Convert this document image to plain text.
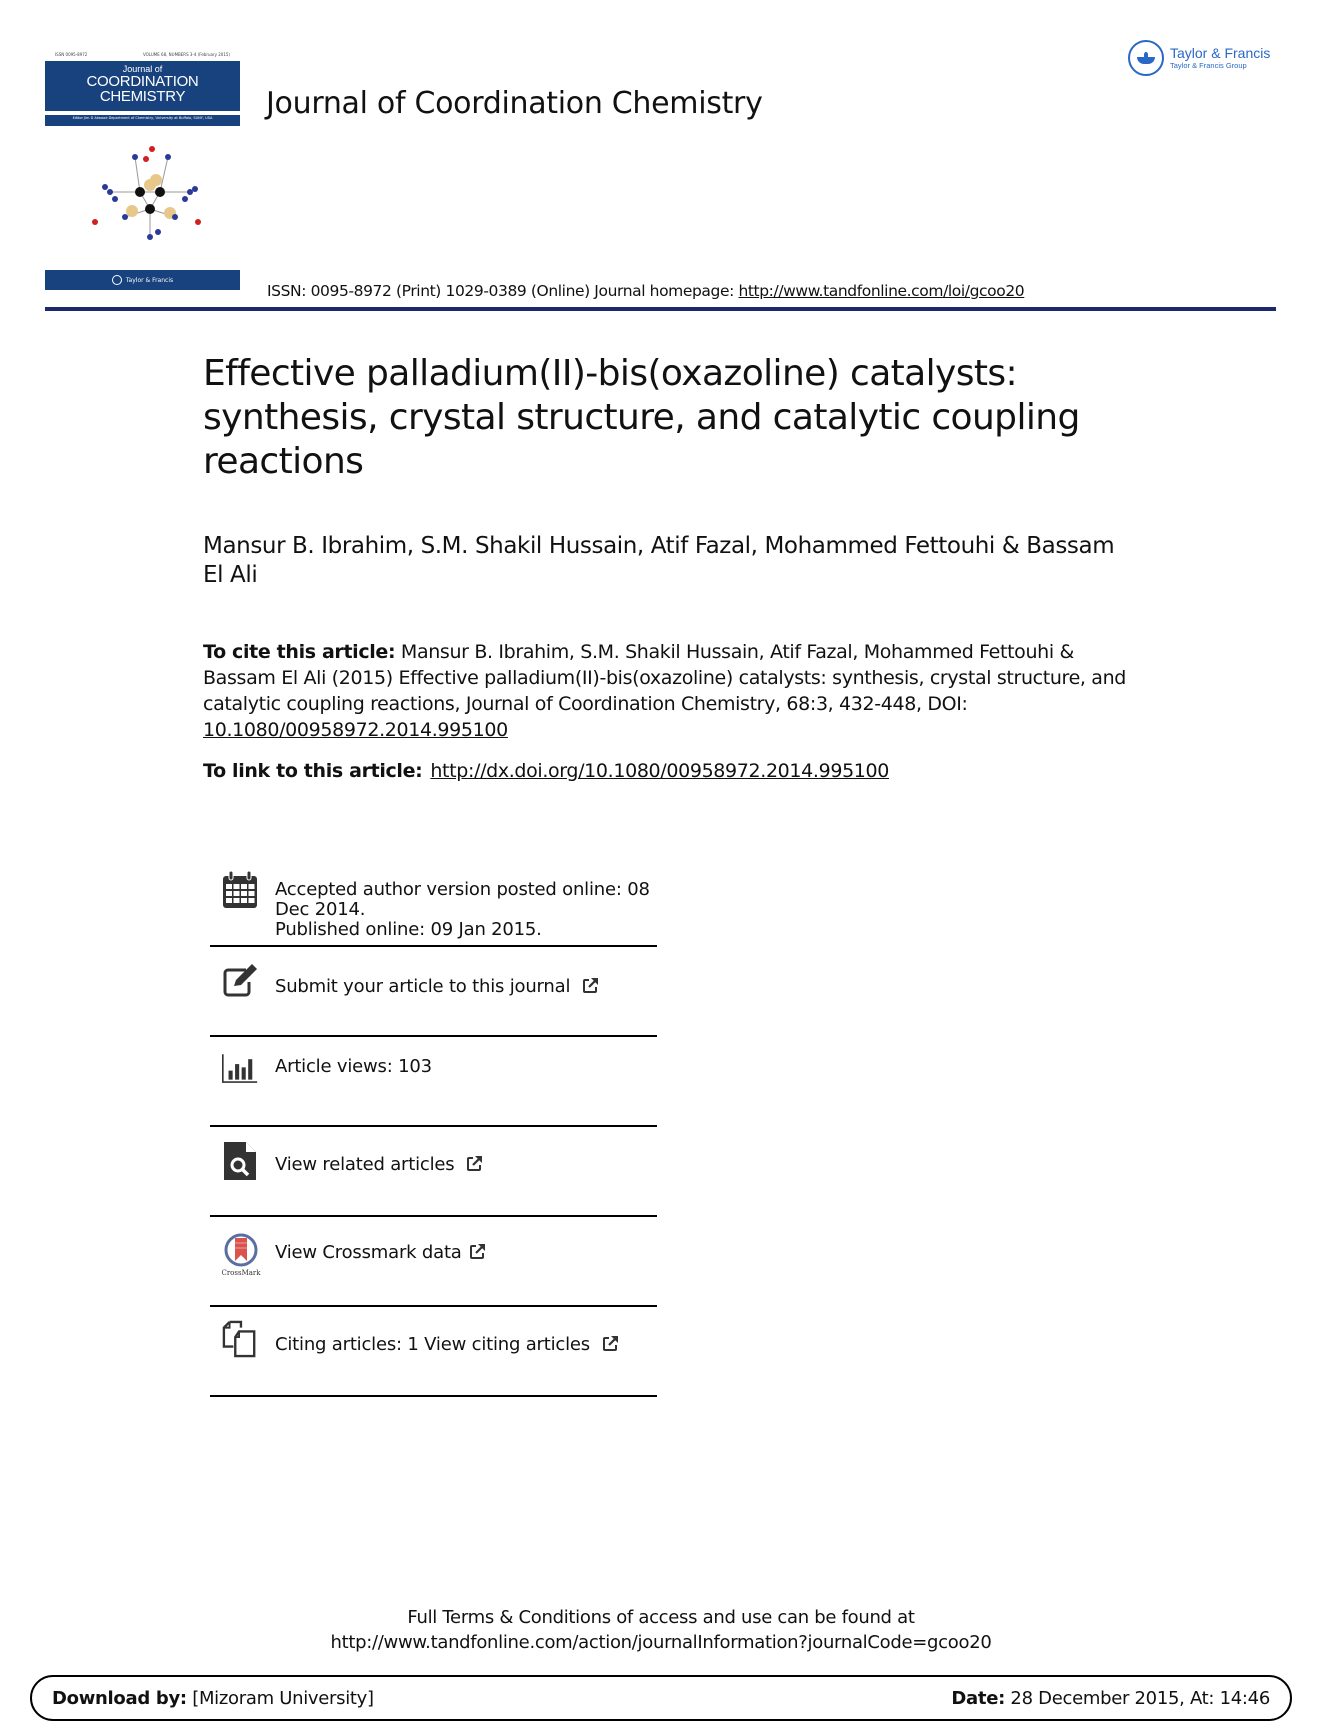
ISSN 0095-8972	VOLUME 68, NUMBERS 3-4 (February 2015)
Journal of
COORDINATION
CHEMISTRY
Editor Jim D Atwood Department of Chemistry, University at Buffalo, SUNY, USA
Taylor & Francis
Journal of Coordination Chemistry
Taylor & Francis
Taylor & Francis Group
ISSN: 0095-8972 (Print) 1029-0389 (Online) Journal homepage: http://www.tandfonline.com/loi/gcoo20
Effective palladium(II)-bis(oxazoline) catalysts: synthesis, crystal structure, and catalytic coupling reactions
Mansur B. Ibrahim, S.M. Shakil Hussain, Atif Fazal, Mohammed Fettouhi & Bassam El Ali
To cite this article: Mansur B. Ibrahim, S.M. Shakil Hussain, Atif Fazal, Mohammed Fettouhi & Bassam El Ali (2015) Effective palladium(II)-bis(oxazoline) catalysts: synthesis, crystal structure, and catalytic coupling reactions, Journal of Coordination Chemistry, 68:3, 432-448, DOI: 10.1080/00958972.2014.995100
To link to this article: http://dx.doi.org/10.1080/00958972.2014.995100
Accepted author version posted online: 08 Dec 2014.
Published online: 09 Jan 2015.
Submit your article to this journal
Article views: 103
View related articles
CrossMark
View Crossmark data
Citing articles: 1 View citing articles
Full Terms & Conditions of access and use can be found at
http://www.tandfonline.com/action/journalInformation?journalCode=gcoo20
Download by: [Mizoram University]	Date: 28 December 2015, At: 14:46
